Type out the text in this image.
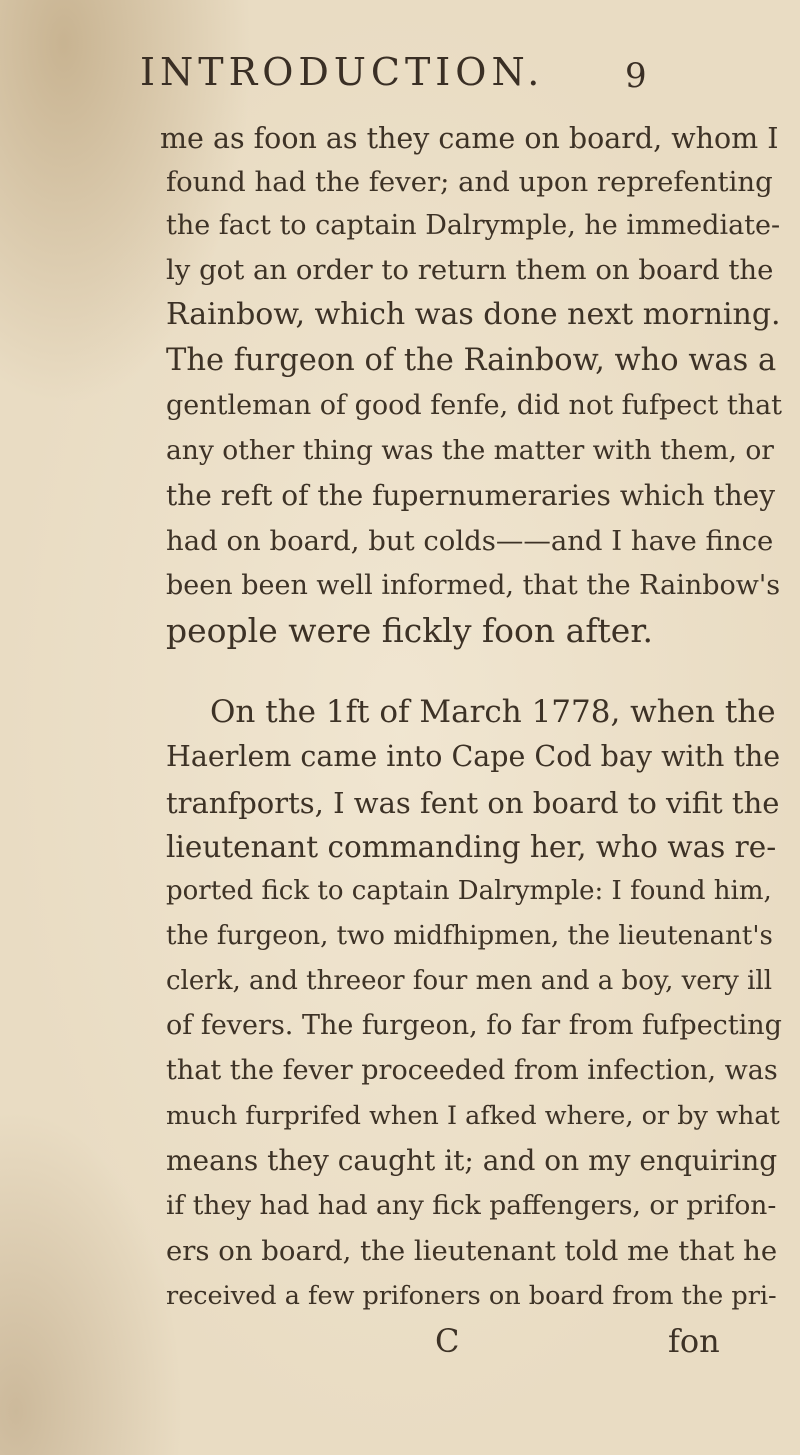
INTRODUCTION. 9
me as foon as they came on board, whom I
found had the fever; and upon reprefenting
the fact to captain Dalrymple, he immediate-
ly got an order to return them on board the
Rainbow, which was done next morning.
The furgeon of the Rainbow, who was a
gentleman of good fenfe, did not fufpect that
any other thing was the matter with them, or
the reft of the fupernumeraries which they
had on board, but colds——and I have fince
been been well informed, that the Rainbow's
people were fickly foon after.
On the 1ft of March 1778, when the
Haerlem came into Cape Cod bay with the
tranfports, I was fent on board to vifit the
lieutenant commanding her, who was re-
ported fick to captain Dalrymple: I found him,
the furgeon, two midfhipmen, the lieutenant's
clerk, and threeor four men and a boy, very ill
of fevers. The furgeon, fo far from fufpecting
that the fever proceeded from infection, was
much furprifed when I afked where, or by what
means they caught it; and on my enquiring
if they had had any fick paffengers, or prifon-
ers on board, the lieutenant told me that he
received a few prifoners on board from the pri-
C	fon
